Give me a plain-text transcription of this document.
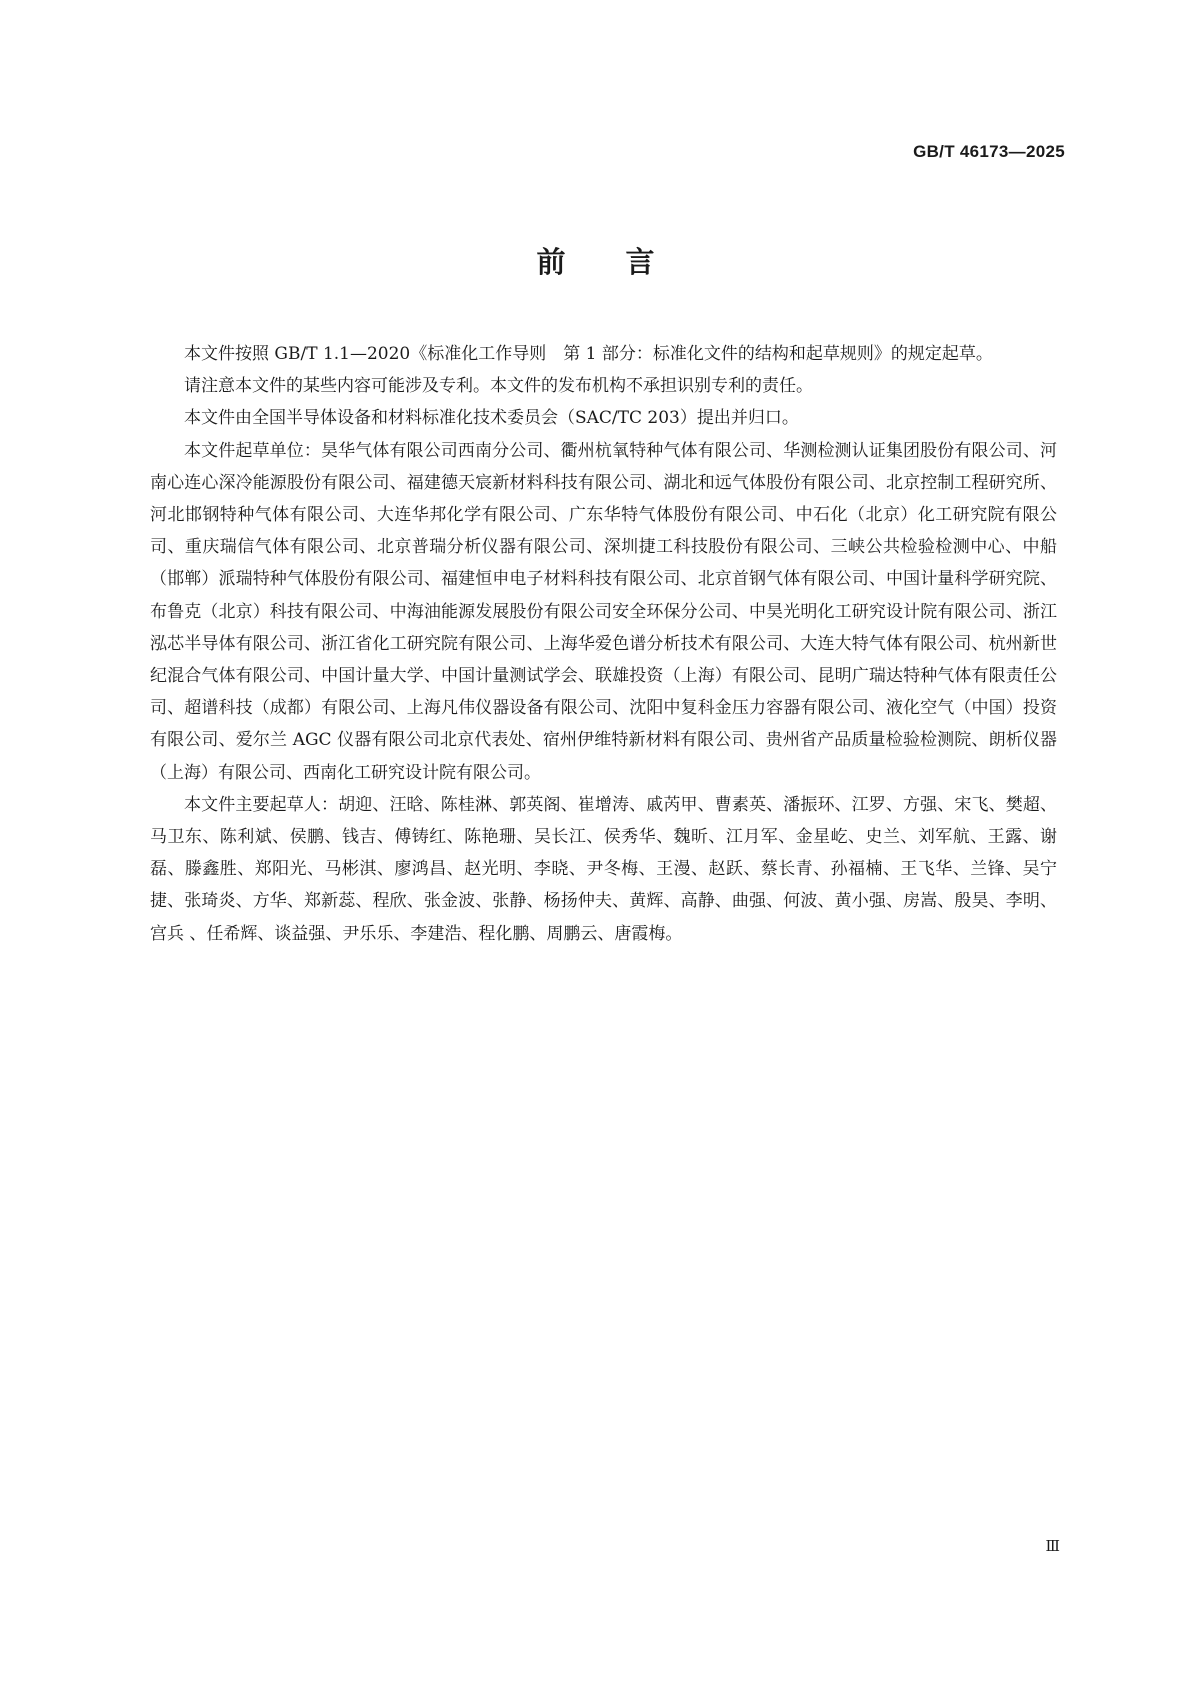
GB/T 46173—2025
前言

本文件按照 GB/T 1.1—2020《标准化工作导则　第 1 部分：标准化文件的结构和起草规则》的规定起草。

请注意本文件的某些内容可能涉及专利。本文件的发布机构不承担识别专利的责任。

本文件由全国半导体设备和材料标准化技术委员会（SAC/TC 203）提出并归口。

本文件起草单位：昊华气体有限公司西南分公司、衢州杭氧特种气体有限公司、华测检测认证集团股份有限公司、河南心连心深冷能源股份有限公司、福建德天宸新材料科技有限公司、湖北和远气体股份有限公司、北京控制工程研究所、河北邯钢特种气体有限公司、大连华邦化学有限公司、广东华特气体股份有限公司、中石化（北京）化工研究院有限公司、重庆瑞信气体有限公司、北京普瑞分析仪器有限公司、深圳捷工科技股份有限公司、三峡公共检验检测中心、中船（邯郸）派瑞特种气体股份有限公司、福建恒申电子材料科技有限公司、北京首钢气体有限公司、中国计量科学研究院、布鲁克（北京）科技有限公司、中海油能源发展股份有限公司安全环保分公司、中昊光明化工研究设计院有限公司、浙江泓芯半导体有限公司、浙江省化工研究院有限公司、上海华爱色谱分析技术有限公司、大连大特气体有限公司、杭州新世纪混合气体有限公司、中国计量大学、中国计量测试学会、联雄投资（上海）有限公司、昆明广瑞达特种气体有限责任公司、超谱科技（成都）有限公司、上海凡伟仪器设备有限公司、沈阳中复科金压力容器有限公司、液化空气（中国）投资有限公司、爱尔兰 AGC 仪器有限公司北京代表处、宿州伊维特新材料有限公司、贵州省产品质量检验检测院、朗析仪器（上海）有限公司、西南化工研究设计院有限公司。

本文件主要起草人：胡迎、汪晗、陈桂淋、郭英阁、崔增涛、戚芮甲、曹素英、潘振环、江罗、方强、宋飞、樊超、马卫东、陈利斌、侯鹏、钱吉、傅铸红、陈艳珊、吴长江、侯秀华、魏昕、江月军、金星屹、史兰、刘军航、王露、谢磊、滕鑫胜、郑阳光、马彬淇、廖鸿昌、赵光明、李晓、尹冬梅、王漫、赵跃、蔡长青、孙福楠、王飞华、兰锋、吴宁捷、张琦炎、方华、郑新蕊、程欣、张金波、张静、杨扬仲夫、黄辉、高静、曲强、何波、黄小强、房嵩、殷昊、李明、宫兵 、任希辉、谈益强、尹乐乐、李建浩、程化鹏、周鹏云、唐霞梅。

Ⅲ
